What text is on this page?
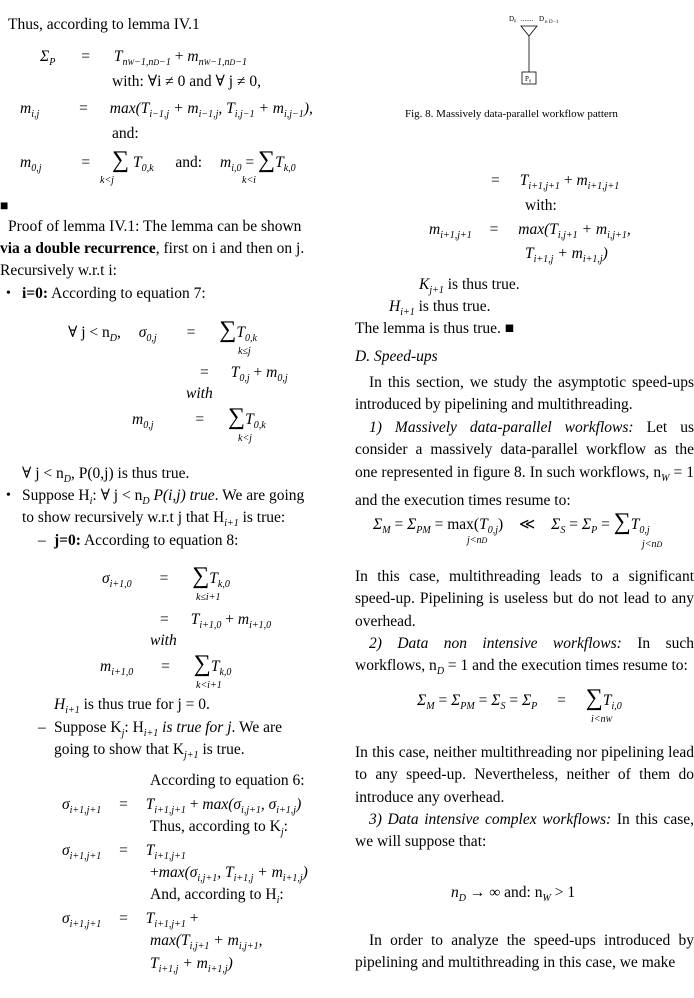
Thus, according to lemma IV.1
$\Sigma_P = T_{nW-1,nD-1} + m_{nW-1,nD-1}$
with: ∀i ≠ 0 and ∀ j ≠ 0,
$m_{i,j}$	= $\max(T_{i-1,j} + m_{i-1,j}$, $T_{i,j-1} + m_{i,j-1}$),
and:
$m_{0,j}$	= ∑ $T_{0,k}$ and: $m_{i,0} = \sum T_{k,0}$
k<j	k<i
■
Proof of lemma IV.1: The lemma can be shown
via a double recurrence, first on i and then on j.
Recursively w.r.t i:
• i=0: According to equation 7:
∀ $j < n_D$, $\sigma_{0,j} = \sum T_{0,k}$
k≤j
= $T_{0,j} + m_{0,j}$
with
$m_{0,j}$	= $\sum T_{0,k}$
k<j
∀ $j < n_D$, P(0,j) is thus true.
• Suppose $H_i$: ∀ $j < n_D$ P(i,j) true. We are going
to show recursively w.r.t j that $H_{i+1}$ is true:
– j=0: According to equation 8:
$\sigma_{i+1,0} = \sum T_{k,0}$
k≤i+1
= $T_{i+1,0} + m_{i+1,0}$
with
$m_{i+1,0} = \sum T_{k,0}$
k<i+1
$H_{i+1}$ is thus true for j = 0.
– Suppose $K_j$: $H_{i+1}$ is true for j. We are
going to show that $K_{j+1}$ is true.
According to equation 6:
$\sigma_{i+1,j+1} = T_{i+1,j+1} + \max(\sigma_{i,j+1}$, $\sigma_{i+1,j}$)
Thus, according to $K_j$:
$\sigma_{i+1,j+1} = T_{i+1,j+1}$
$+\max(\sigma_{i,j+1}$, $T_{i+1,j} + m_{i+1,j}$)
And, according to $H_i$:
$\sigma_{i+1,j+1} = T_{i+1,j+1}$ +
$\max(T_{i,j+1} + m_{i,j+1}$,
$T_{i+1,j} + m_{i+1,j}$)
D₀ ....... D n D −1
P₀
Fig. 8. Massively data-parallel workflow pattern
= $T_{i+1,j+1} + m_{i+1,j+1}$
with:
$m_{i+1,j+1} = \max(T_{i,j+1} + m_{i,j+1}$,
$T_{i+1,j} + m_{i+1,j}$)
$K_{j+1}$ is thus true.
$H_{i+1}$ is thus true.
The lemma is thus true. ■
D. Speed-ups
In this section, we study the asymptotic speed-ups introduced by pipelining and multithreading.
1) Massively data-parallel workflows: Let us consider a massively data-parallel workflow as the one represented in figure 8. In such workflows, $n_W = 1$ and the execution times resume to:
$\Sigma_M = \Sigma_{PM} = \max(T_{0,j})$ ≪ $\Sigma_S = \Sigma_P = \sum T_{0,j}$
j<nD	j<nD
In this case, multithreading leads to a significant speed-up. Pipelining is useless but do not lead to any overhead.
2) Data non intensive workflows: In such workflows, $n_D = 1$ and the execution times resume to:
$\Sigma_M = \Sigma_{PM} = \Sigma_S = \Sigma_P = \sum T_{i,0}$
i<nW
In this case, neither multithreading nor pipelining lead to any speed-up. Nevertheless, neither of them do introduce any overhead.
3) Data intensive complex workflows: In this case, we will suppose that:
$n_D$ → ∞ and: $n_W > 1$
In order to analyze the speed-ups introduced by pipelining and multithreading in this case, we make
